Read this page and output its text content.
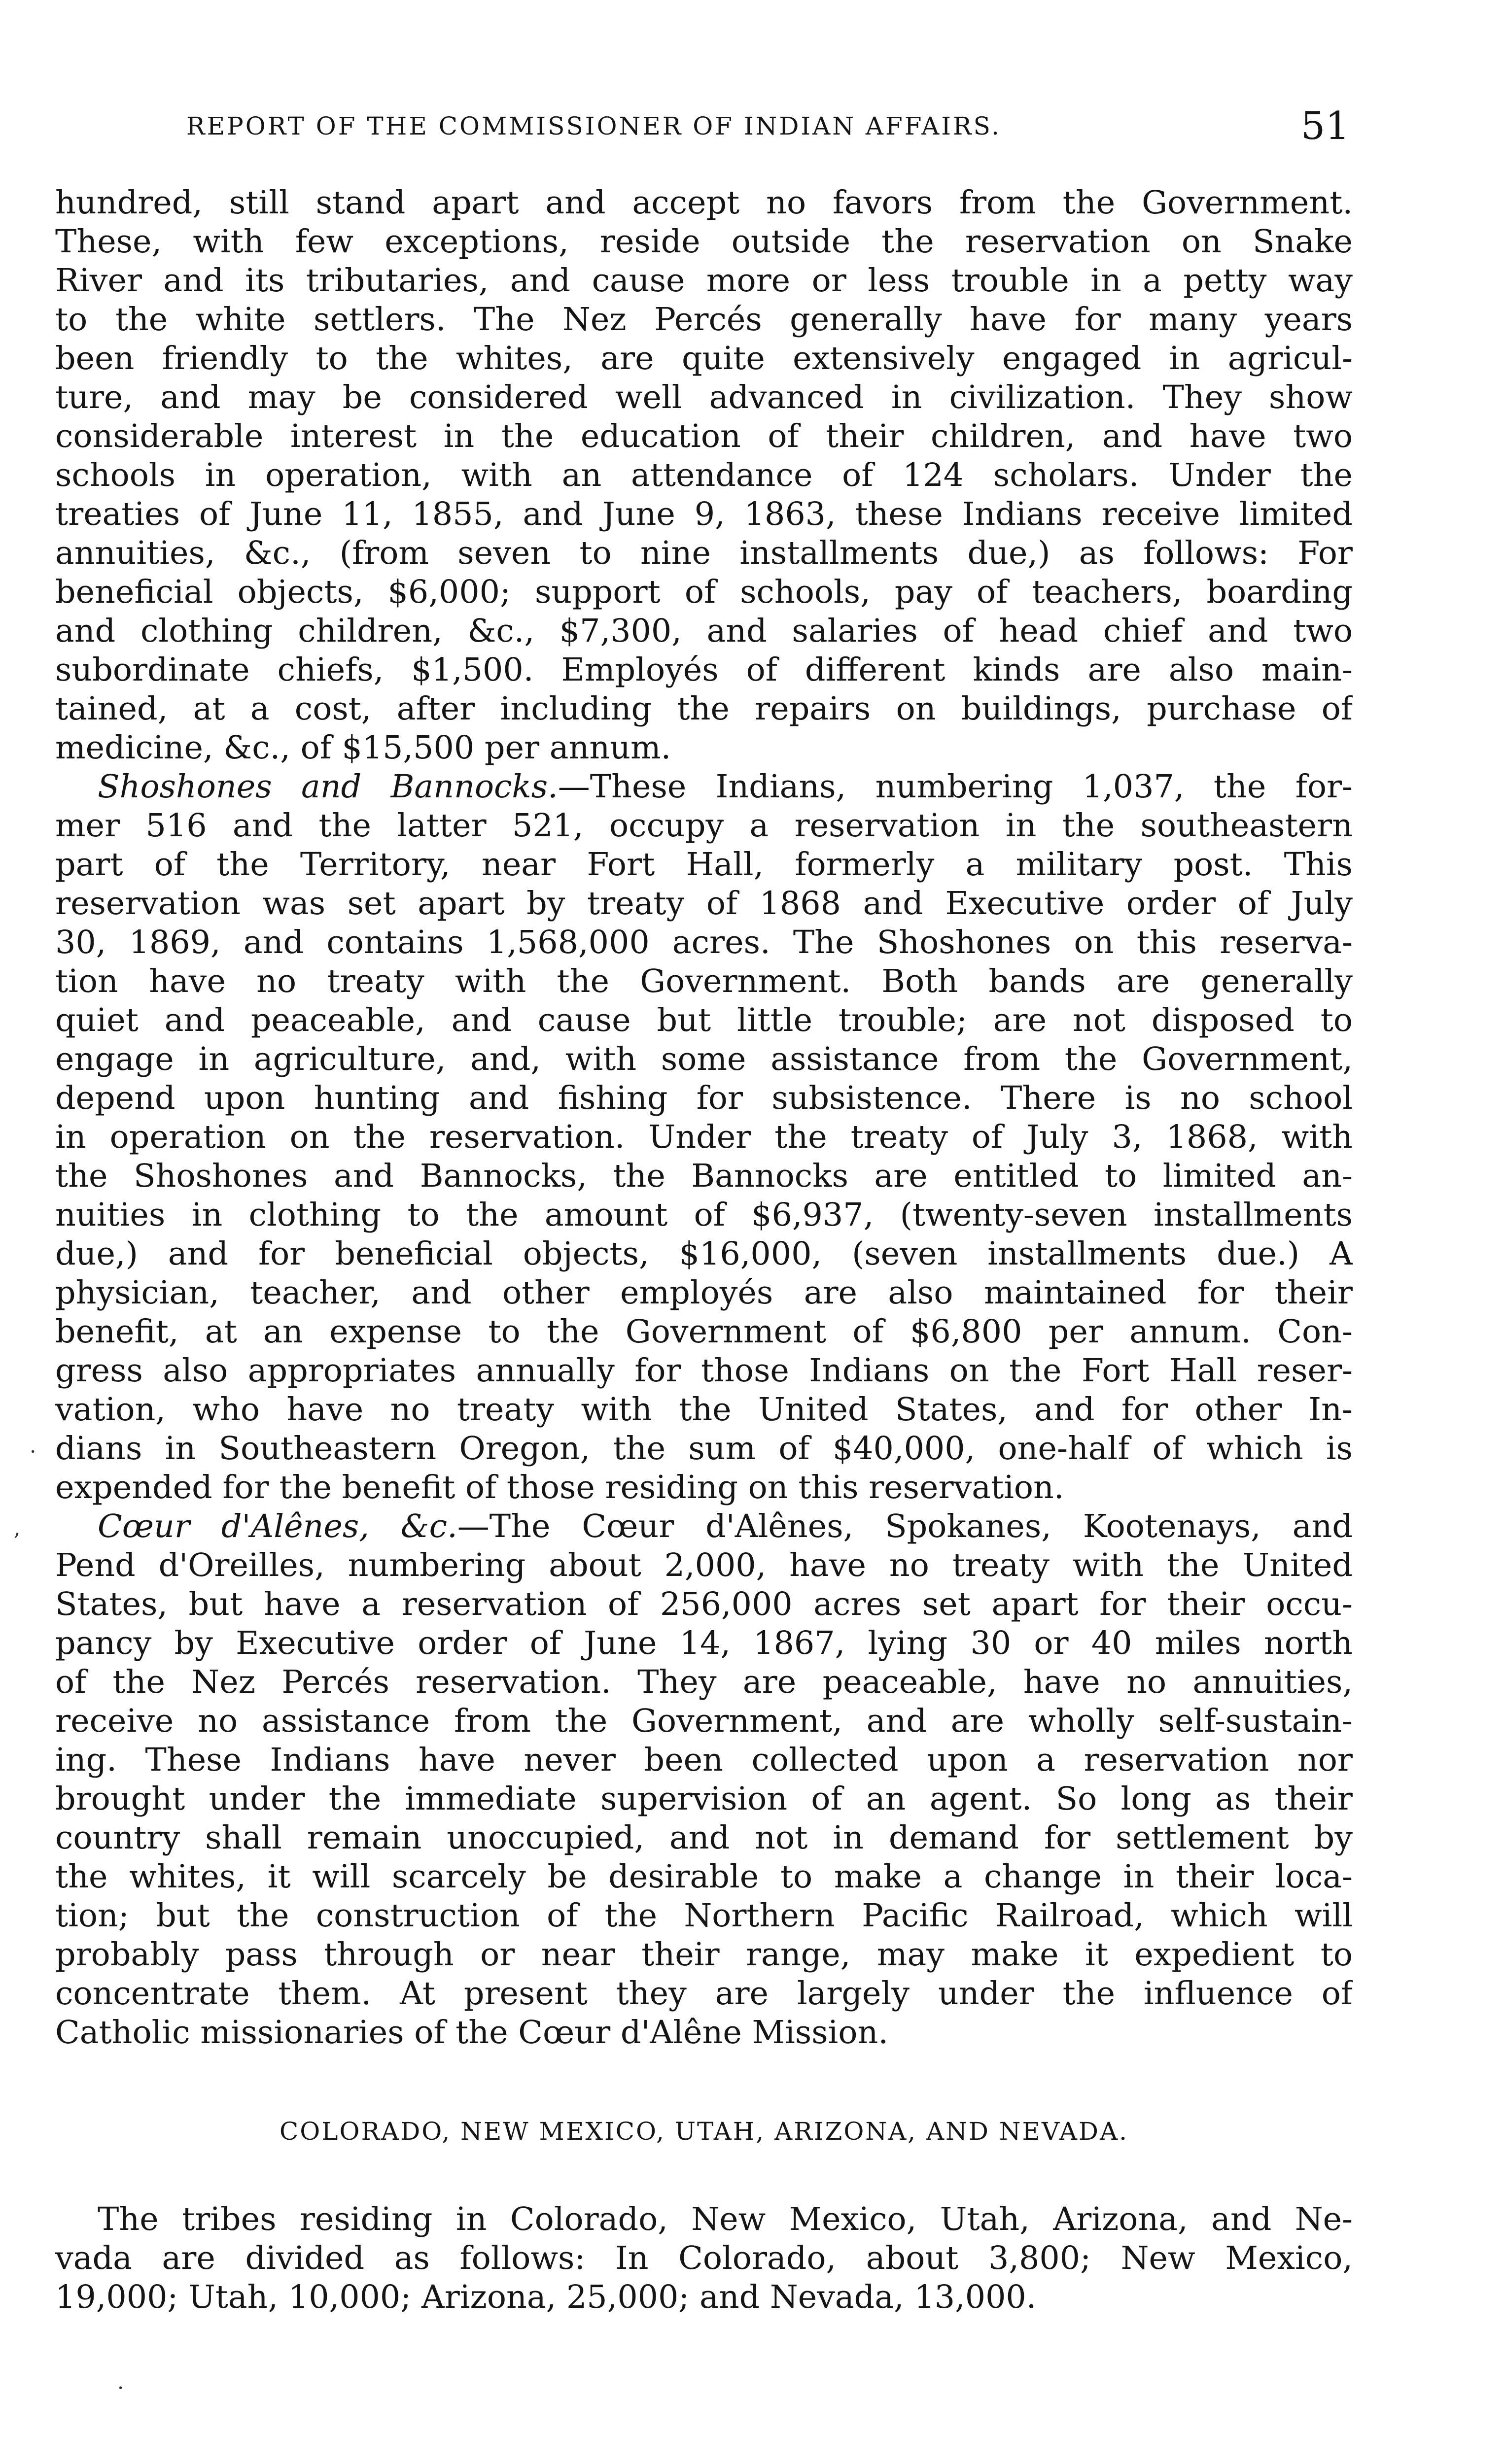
REPORT OF THE COMMISSIONER OF INDIAN AFFAIRS.	51
hundred, still stand apart and accept no favors from the Government.
These, with few exceptions, reside outside the reservation on Snake
River and its tributaries, and cause more or less trouble in a petty way
to the white settlers. The Nez Percés generally have for many years
been friendly to the whites, are quite extensively engaged in agricul-
ture, and may be considered well advanced in civilization. They show
considerable interest in the education of their children, and have two
schools in operation, with an attendance of 124 scholars. Under the
treaties of June 11, 1855, and June 9, 1863, these Indians receive limited
annuities, &c., (from seven to nine installments due,) as follows: For
beneficial objects, $6,000; support of schools, pay of teachers, boarding
and clothing children, &c., $7,300, and salaries of head chief and two
subordinate chiefs, $1,500. Employés of different kinds are also main-
tained, at a cost, after including the repairs on buildings, purchase of
medicine, &c., of $15,500 per annum.
Shoshones and Bannocks.—These Indians, numbering 1,037, the for-
mer 516 and the latter 521, occupy a reservation in the southeastern
part of the Territory, near Fort Hall, formerly a military post. This
reservation was set apart by treaty of 1868 and Executive order of July
30, 1869, and contains 1,568,000 acres. The Shoshones on this reserva-
tion have no treaty with the Government. Both bands are generally
quiet and peaceable, and cause but little trouble; are not disposed to
engage in agriculture, and, with some assistance from the Government,
depend upon hunting and fishing for subsistence. There is no school
in operation on the reservation. Under the treaty of July 3, 1868, with
the Shoshones and Bannocks, the Bannocks are entitled to limited an-
nuities in clothing to the amount of $6,937, (twenty-seven installments
due,) and for beneficial objects, $16,000, (seven installments due.) A
physician, teacher, and other employés are also maintained for their
benefit, at an expense to the Government of $6,800 per annum. Con-
gress also appropriates annually for those Indians on the Fort Hall reser-
vation, who have no treaty with the United States, and for other In-
dians in Southeastern Oregon, the sum of $40,000, one-half of which is
expended for the benefit of those residing on this reservation.
Cœur d'Alênes, &c.—The Cœur d'Alênes, Spokanes, Kootenays, and
Pend d'Oreilles, numbering about 2,000, have no treaty with the United
States, but have a reservation of 256,000 acres set apart for their occu-
pancy by Executive order of June 14, 1867, lying 30 or 40 miles north
of the Nez Percés reservation. They are peaceable, have no annuities,
receive no assistance from the Government, and are wholly self-sustain-
ing. These Indians have never been collected upon a reservation nor
brought under the immediate supervision of an agent. So long as their
country shall remain unoccupied, and not in demand for settlement by
the whites, it will scarcely be desirable to make a change in their loca-
tion; but the construction of the Northern Pacific Railroad, which will
probably pass through or near their range, may make it expedient to
concentrate them. At present they are largely under the influence of
Catholic missionaries of the Cœur d'Alêne Mission.
COLORADO, NEW MEXICO, UTAH, ARIZONA, AND NEVADA.
The tribes residing in Colorado, New Mexico, Utah, Arizona, and Ne-
vada are divided as follows: In Colorado, about 3,800; New Mexico,
19,000; Utah, 10,000; Arizona, 25,000; and Nevada, 13,000.
·
,
·
